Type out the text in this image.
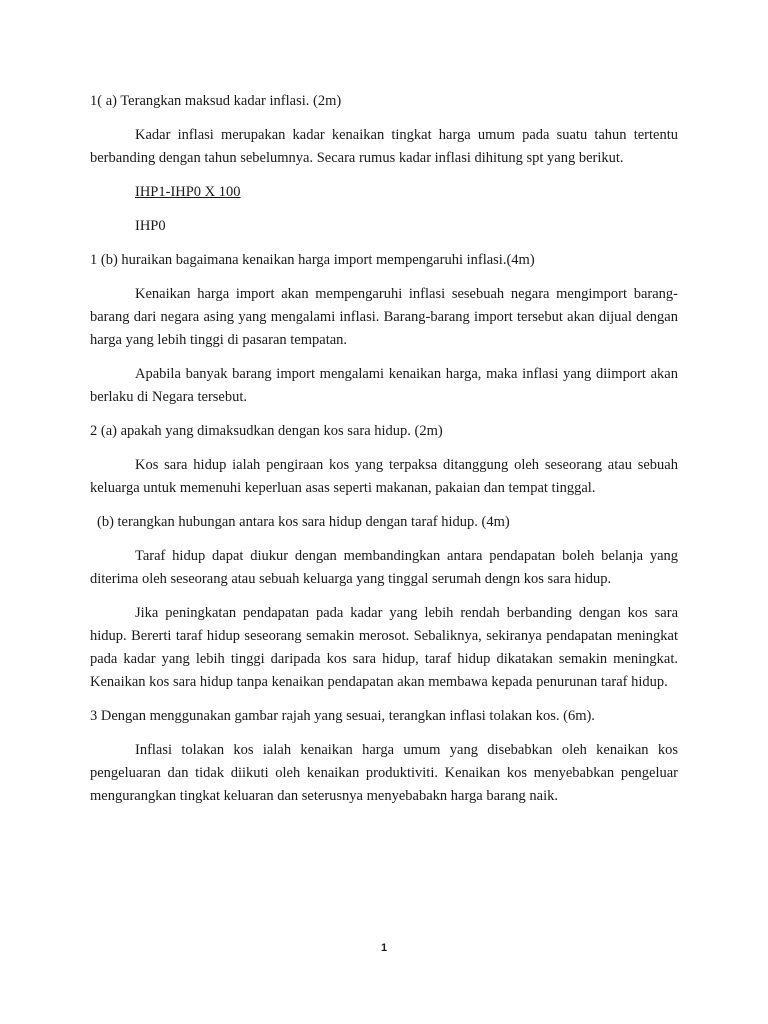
1( a) Terangkan maksud kadar inflasi. (2m)

Kadar inflasi merupakan kadar kenaikan tingkat harga umum pada suatu tahun tertentu berbanding dengan tahun sebelumnya. Secara rumus kadar inflasi dihitung spt yang berikut.

IHP1-IHP0 X 100

IHP0

1 (b) huraikan bagaimana kenaikan harga import mempengaruhi inflasi.(4m)

Kenaikan harga import akan mempengaruhi inflasi sesebuah negara mengimport barang-barang dari negara asing yang mengalami inflasi. Barang-barang import tersebut akan dijual dengan harga yang lebih tinggi di pasaran tempatan.

Apabila banyak barang import mengalami kenaikan harga, maka inflasi yang diimport akan berlaku di Negara tersebut.

2 (a) apakah yang dimaksudkan dengan kos sara hidup. (2m)

Kos sara hidup ialah pengiraan kos yang terpaksa ditanggung oleh seseorang atau sebuah keluarga untuk memenuhi keperluan asas seperti makanan, pakaian dan tempat tinggal.

(b) terangkan hubungan antara kos sara hidup dengan taraf hidup. (4m)

Taraf hidup dapat diukur dengan membandingkan antara pendapatan boleh belanja yang diterima oleh seseorang atau sebuah keluarga yang tinggal serumah dengn kos sara hidup.

Jika peningkatan pendapatan pada kadar yang lebih rendah berbanding dengan kos sara hidup. Bererti taraf hidup seseorang semakin merosot. Sebaliknya, sekiranya pendapatan meningkat pada kadar yang lebih tinggi daripada kos sara hidup, taraf hidup dikatakan semakin meningkat. Kenaikan kos sara hidup tanpa kenaikan pendapatan akan membawa kepada penurunan taraf hidup.

3 Dengan menggunakan gambar rajah yang sesuai, terangkan inflasi tolakan kos. (6m).

Inflasi tolakan kos ialah kenaikan harga umum yang disebabkan oleh kenaikan kos pengeluaran dan tidak diikuti oleh kenaikan produktiviti. Kenaikan kos menyebabkan pengeluar mengurangkan tingkat keluaran dan seterusnya menyebabakn harga barang naik.

1
